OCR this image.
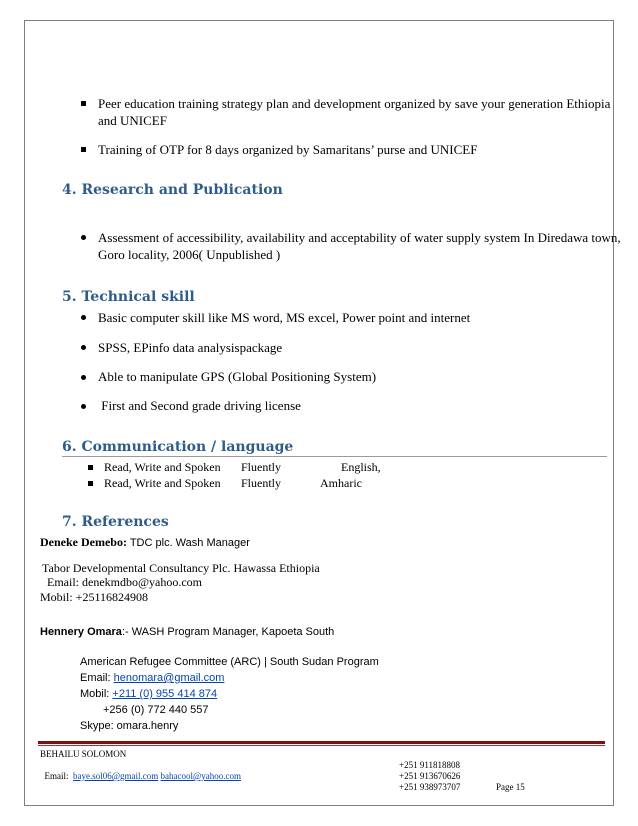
Peer education training strategy plan and development organized by save your generation Ethiopia
and UNICEF
Training of OTP for 8 days organized by Samaritans’ purse and UNICEF
4. Research and Publication
Assessment of accessibility, availability and acceptability of water supply system In Diredawa town,
Goro locality, 2006( Unpublished )
5. Technical skill
Basic computer skill like MS word, MS excel, Power point and internet
SPSS, EPinfo data analysispackage
Able to manipulate GPS (Global Positioning System)
First and Second grade driving license
6. Communication / language
Read, Write and Spoken Fluently	English,
Read, Write and Spoken Fluently	Amharic
7. References
Deneke Demebo: TDC plc. Wash Manager
Tabor Developmental Consultancy Plc. Hawassa Ethiopia
Email: denekmdbo@yahoo.com
Mobil: +25116824908
Hennery Omara:- WASH Program Manager, Kapoeta South
American Refugee Committee (ARC) | South Sudan Program
Email: henomara@gmail.com
Mobil: +211 (0) 955 414 874
+256 (0) 772 440 557
Skype: omara.henry
BEHAILU SOLOMON

Email:  baye.sol06@gmail.com bahacool@yahoo.com

+251 911818808
+251 913670626
+251 938973707	Page 15
